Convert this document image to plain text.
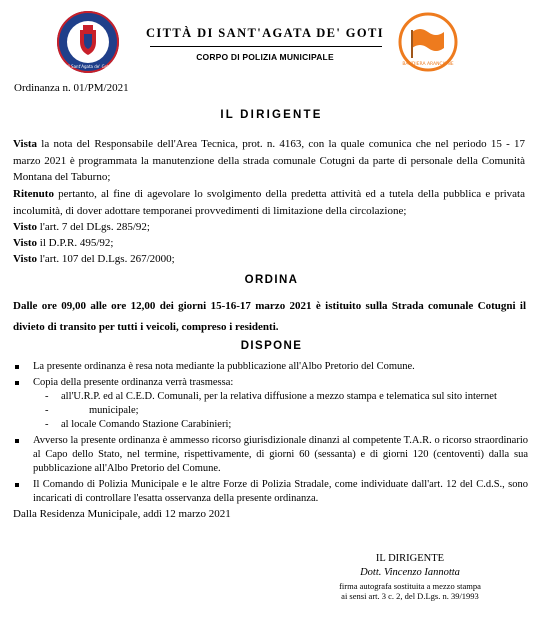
di Sant'Agata de' Goti
CITTÀ DI SANT'AGATA DE' GOTI
CORPO DI POLIZIA MUNICIPALE
BANDIERA ARANCIONE
Ordinanza n. 01/PM/2021
IL DIRIGENTE
Vista la nota del Responsabile dell'Area Tecnica, prot. n. 4163, con la quale comunica che nel periodo 15 - 17 marzo 2021 è programmata la manutenzione della strada comunale Cotugni da parte di personale della Comunità Montana del Taburno;
Ritenuto pertanto, al fine di agevolare lo svolgimento della predetta attività ed a tutela della pubblica e privata incolumità, di dover adottare temporanei provvedimenti di limitazione della circolazione;
Visto l'art. 7 del DLgs. 285/92;
Visto il D.P.R. 495/92;
Visto l'art. 107 del D.Lgs. 267/2000;
ORDINA
Dalle ore 09,00 alle ore 12,00 dei giorni 15-16-17 marzo 2021 è istituito sulla Strada comunale Cotugni il divieto di transito per tutti i veicoli, compreso i residenti.
DISPONE
La presente ordinanza è resa nota mediante la pubblicazione all'Albo Pretorio del Comune.
Copia della presente ordinanza verrà trasmessa:
- all'U.R.P. ed al C.E.D. Comunali, per la relativa diffusione a mezzo stampa e telematica sul sito internet
- municipale;
- al locale Comando Stazione Carabinieri;
Avverso la presente ordinanza è ammesso ricorso giurisdizionale dinanzi al competente T.A.R. o ricorso straordinario al Capo dello Stato, nel termine, rispettivamente, di giorni 60 (sessanta) e di giorni 120 (centoventi) dalla sua pubblicazione all'Albo Pretorio del Comune.
Il Comando di Polizia Municipale e le altre Forze di Polizia Stradale, come individuate dall'art. 12 del C.d.S., sono incaricati di controllare l'esatta osservanza della presente ordinanza.
Dalla Residenza Municipale, addì 12 marzo 2021
IL DIRIGENTE
Dott. Vincenzo Iannotta
firma autografa sostituita a mezzo stampa
ai sensi art. 3 c. 2, del D.Lgs. n. 39/1993
